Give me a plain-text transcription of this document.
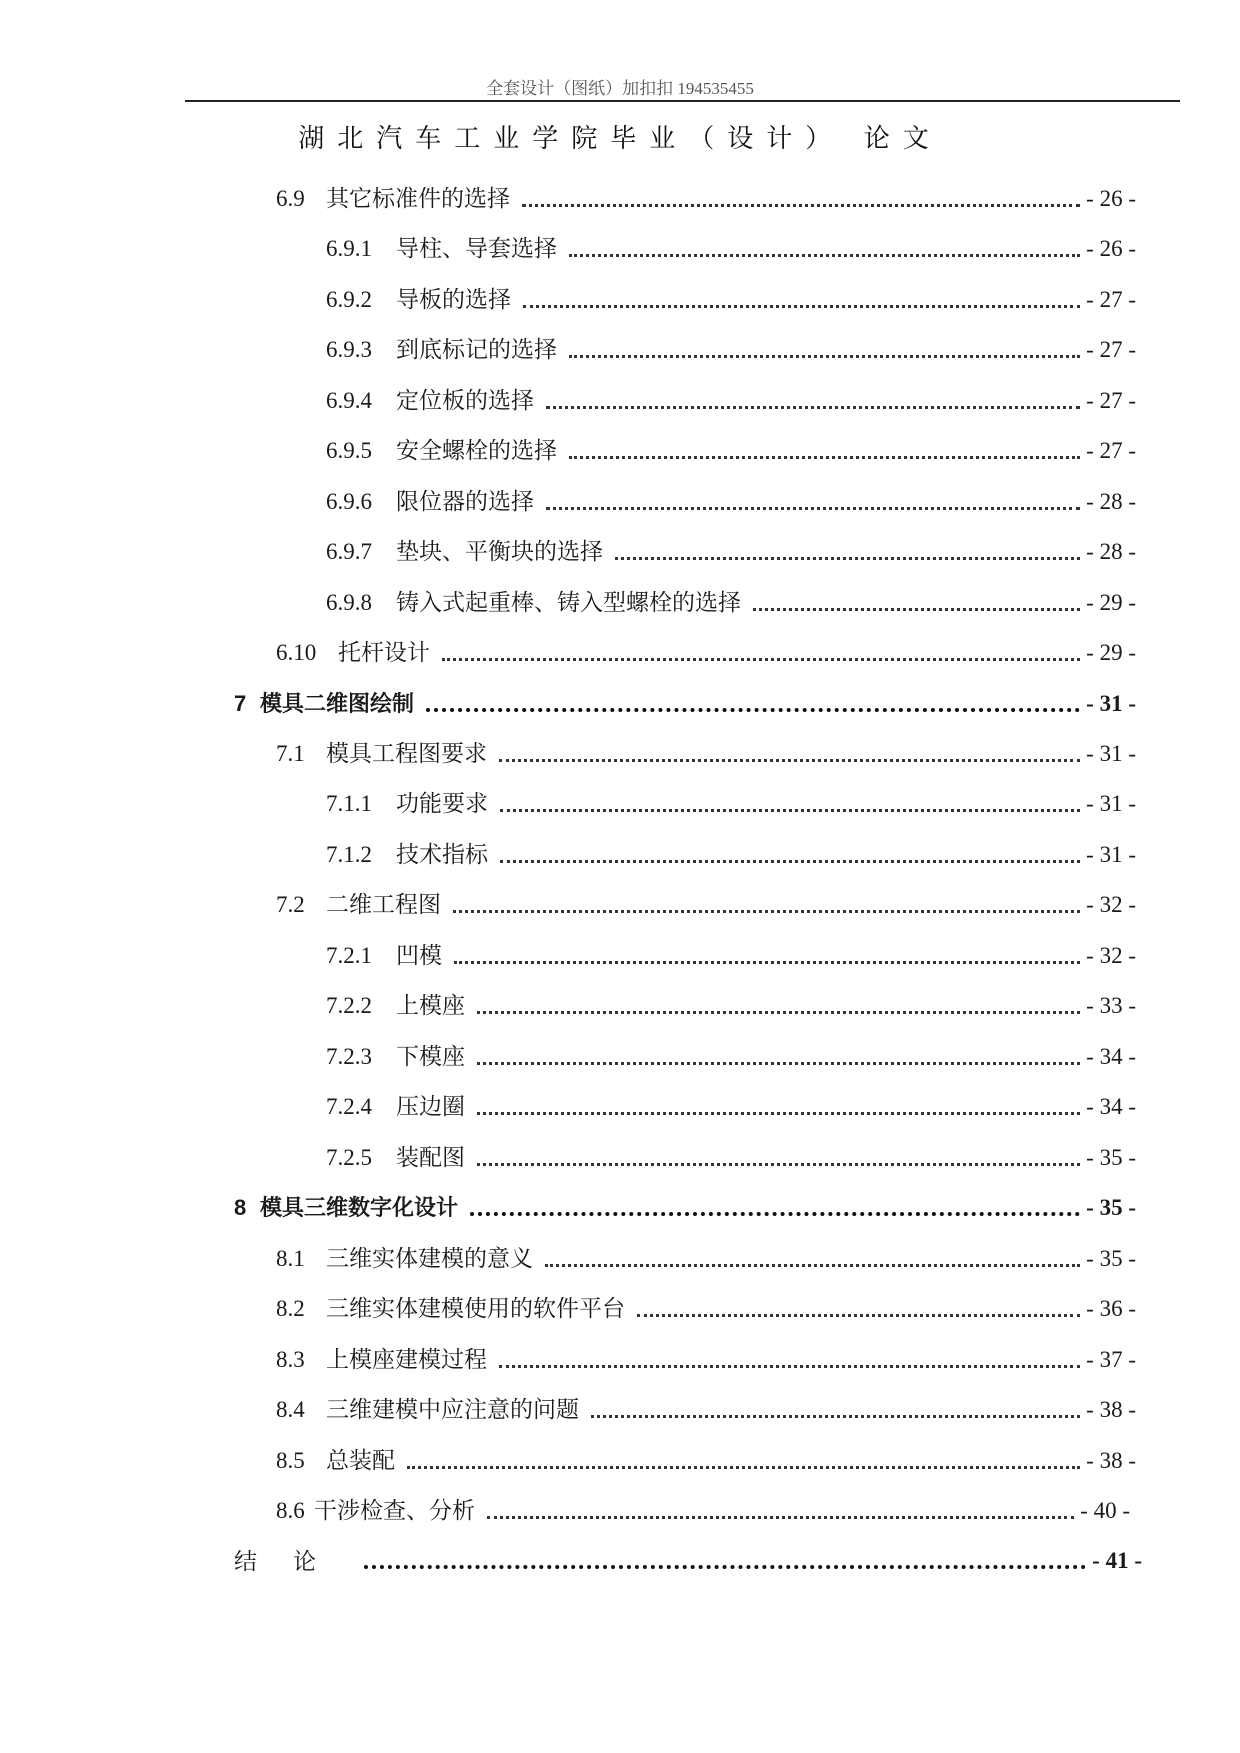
全套设计（图纸）加扣扣 194535455
湖北汽车工业学院毕业（设计） 论文
6.9 其它标准件的选择	- 26 -
6.9.1	导柱、导套选择	- 26 -
6.9.2	导板的选择	- 27 -
6.9.3	到底标记的选择	- 27 -
6.9.4	定位板的选择	- 27 -
6.9.5	安全螺栓的选择	- 27 -
6.9.6	限位器的选择	- 28 -
6.9.7	垫块、平衡块的选择	- 28 -
6.9.8	铸入式起重棒、铸入型螺栓的选择	- 29 -
6.10 托杆设计	- 29 -
7 模具二维图绘制	- 31 -
7.1 模具工程图要求	- 31 -
7.1.1	功能要求	- 31 -
7.1.2	技术指标	- 31 -
7.2 二维工程图	- 32 -
7.2.1	凹模	- 32 -
7.2.2	上模座	- 33 -
7.2.3	下模座	- 34 -
7.2.4	压边圈	- 34 -
7.2.5	装配图	- 35 -
8 模具三维数字化设计	- 35 -
8.1 三维实体建模的意义	- 35 -
8.2 三维实体建模使用的软件平台	- 36 -
8.3 上模座建模过程	- 37 -
8.4 三维建模中应注意的问题	- 38 -
8.5 总装配	- 38 -
8.6 干涉检查、分析	- 40 -
结论	- 41 -
